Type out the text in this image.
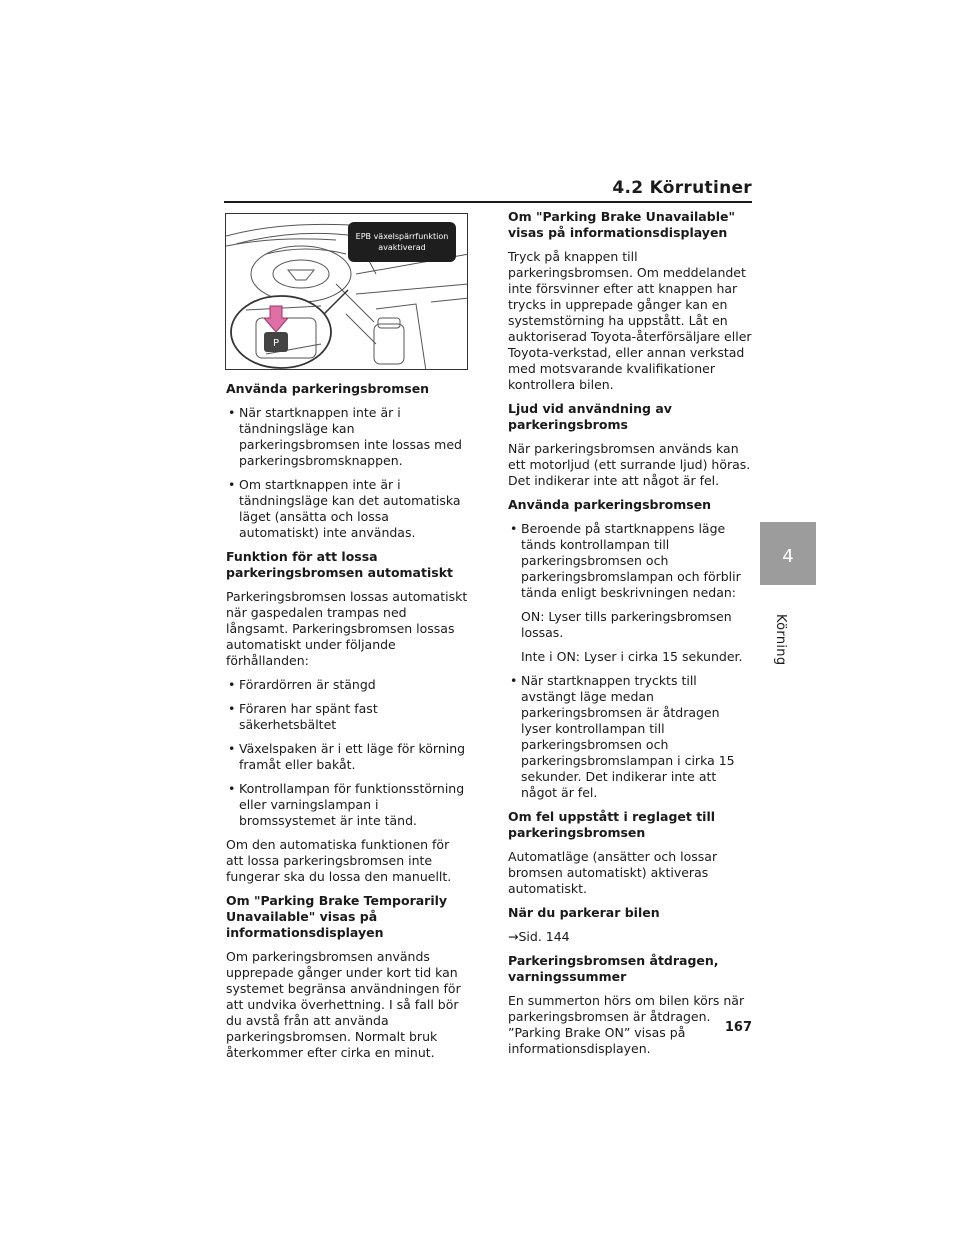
4.2 Körrutiner
4
Körning
P
EPB växelspärrfunktion avaktiverad
Använda parkeringsbromsen
• När startknappen inte är i tändningsläge kan parkeringsbromsen inte lossas med parkeringsbromsknappen.
• Om startknappen inte är i tändningsläge kan det automatiska läget (ansätta och lossa automatiskt) inte användas.
Funktion för att lossa parkeringsbromsen automatiskt

Parkeringsbromsen lossas automatiskt när gaspedalen trampas ned långsamt. Parkeringsbromsen lossas automatiskt under följande förhållanden:

• Förardörren är stängd
• Föraren har spänt fast säkerhetsbältet
• Växelspaken är i ett läge för körning framåt eller bakåt.
• Kontrollampan för funktionsstörning eller varningslampan i bromssystemet är inte tänd.

Om den automatiska funktionen för att lossa parkeringsbromsen inte fungerar ska du lossa den manuellt.

Om "Parking Brake Temporarily Unavailable" visas på informationsdisplayen

Om parkeringsbromsen används upprepade gånger under kort tid kan systemet begränsa användningen för att undvika överhettning. I så fall bör du avstå från att använda parkeringsbromsen. Normalt bruk återkommer efter cirka en minut.

Om "Parking Brake Unavailable" visas på informationsdisplayen

Tryck på knappen till parkeringsbromsen. Om meddelandet inte försvinner efter att knappen har trycks in upprepade gånger kan en systemstörning ha uppstått. Låt en auktoriserad Toyota-återförsäljare eller Toyota-verkstad, eller annan verkstad med motsvarande kvalifikationer kontrollera bilen.

Ljud vid användning av parkeringsbroms

När parkeringsbromsen används kan ett motorljud (ett surrande ljud) höras. Det indikerar inte att något är fel.

Använda parkeringsbromsen
• Beroende på startknappens läge tänds kontrollampan till parkeringsbromsen och parkeringsbromslampan och förblir tända enligt beskrivningen nedan:

ON: Lyser tills parkeringsbromsen lossas.

Inte i ON: Lyser i cirka 15 sekunder.

• När startknappen tryckts till avstängt läge medan parkeringsbromsen är åtdragen lyser kontrollampan till parkeringsbromsen och parkeringsbromslampan i cirka 15 sekunder. Det indikerar inte att något är fel.
Om fel uppstått i reglaget till parkeringsbromsen

Automatläge (ansätter och lossar bromsen automatiskt) aktiveras automatiskt.

När du parkerar bilen

→Sid. 144

Parkeringsbromsen åtdragen, varningssummer

En summerton hörs om bilen körs när parkeringsbromsen är åtdragen. ”Parking Brake ON” visas på informationsdisplayen.

167
